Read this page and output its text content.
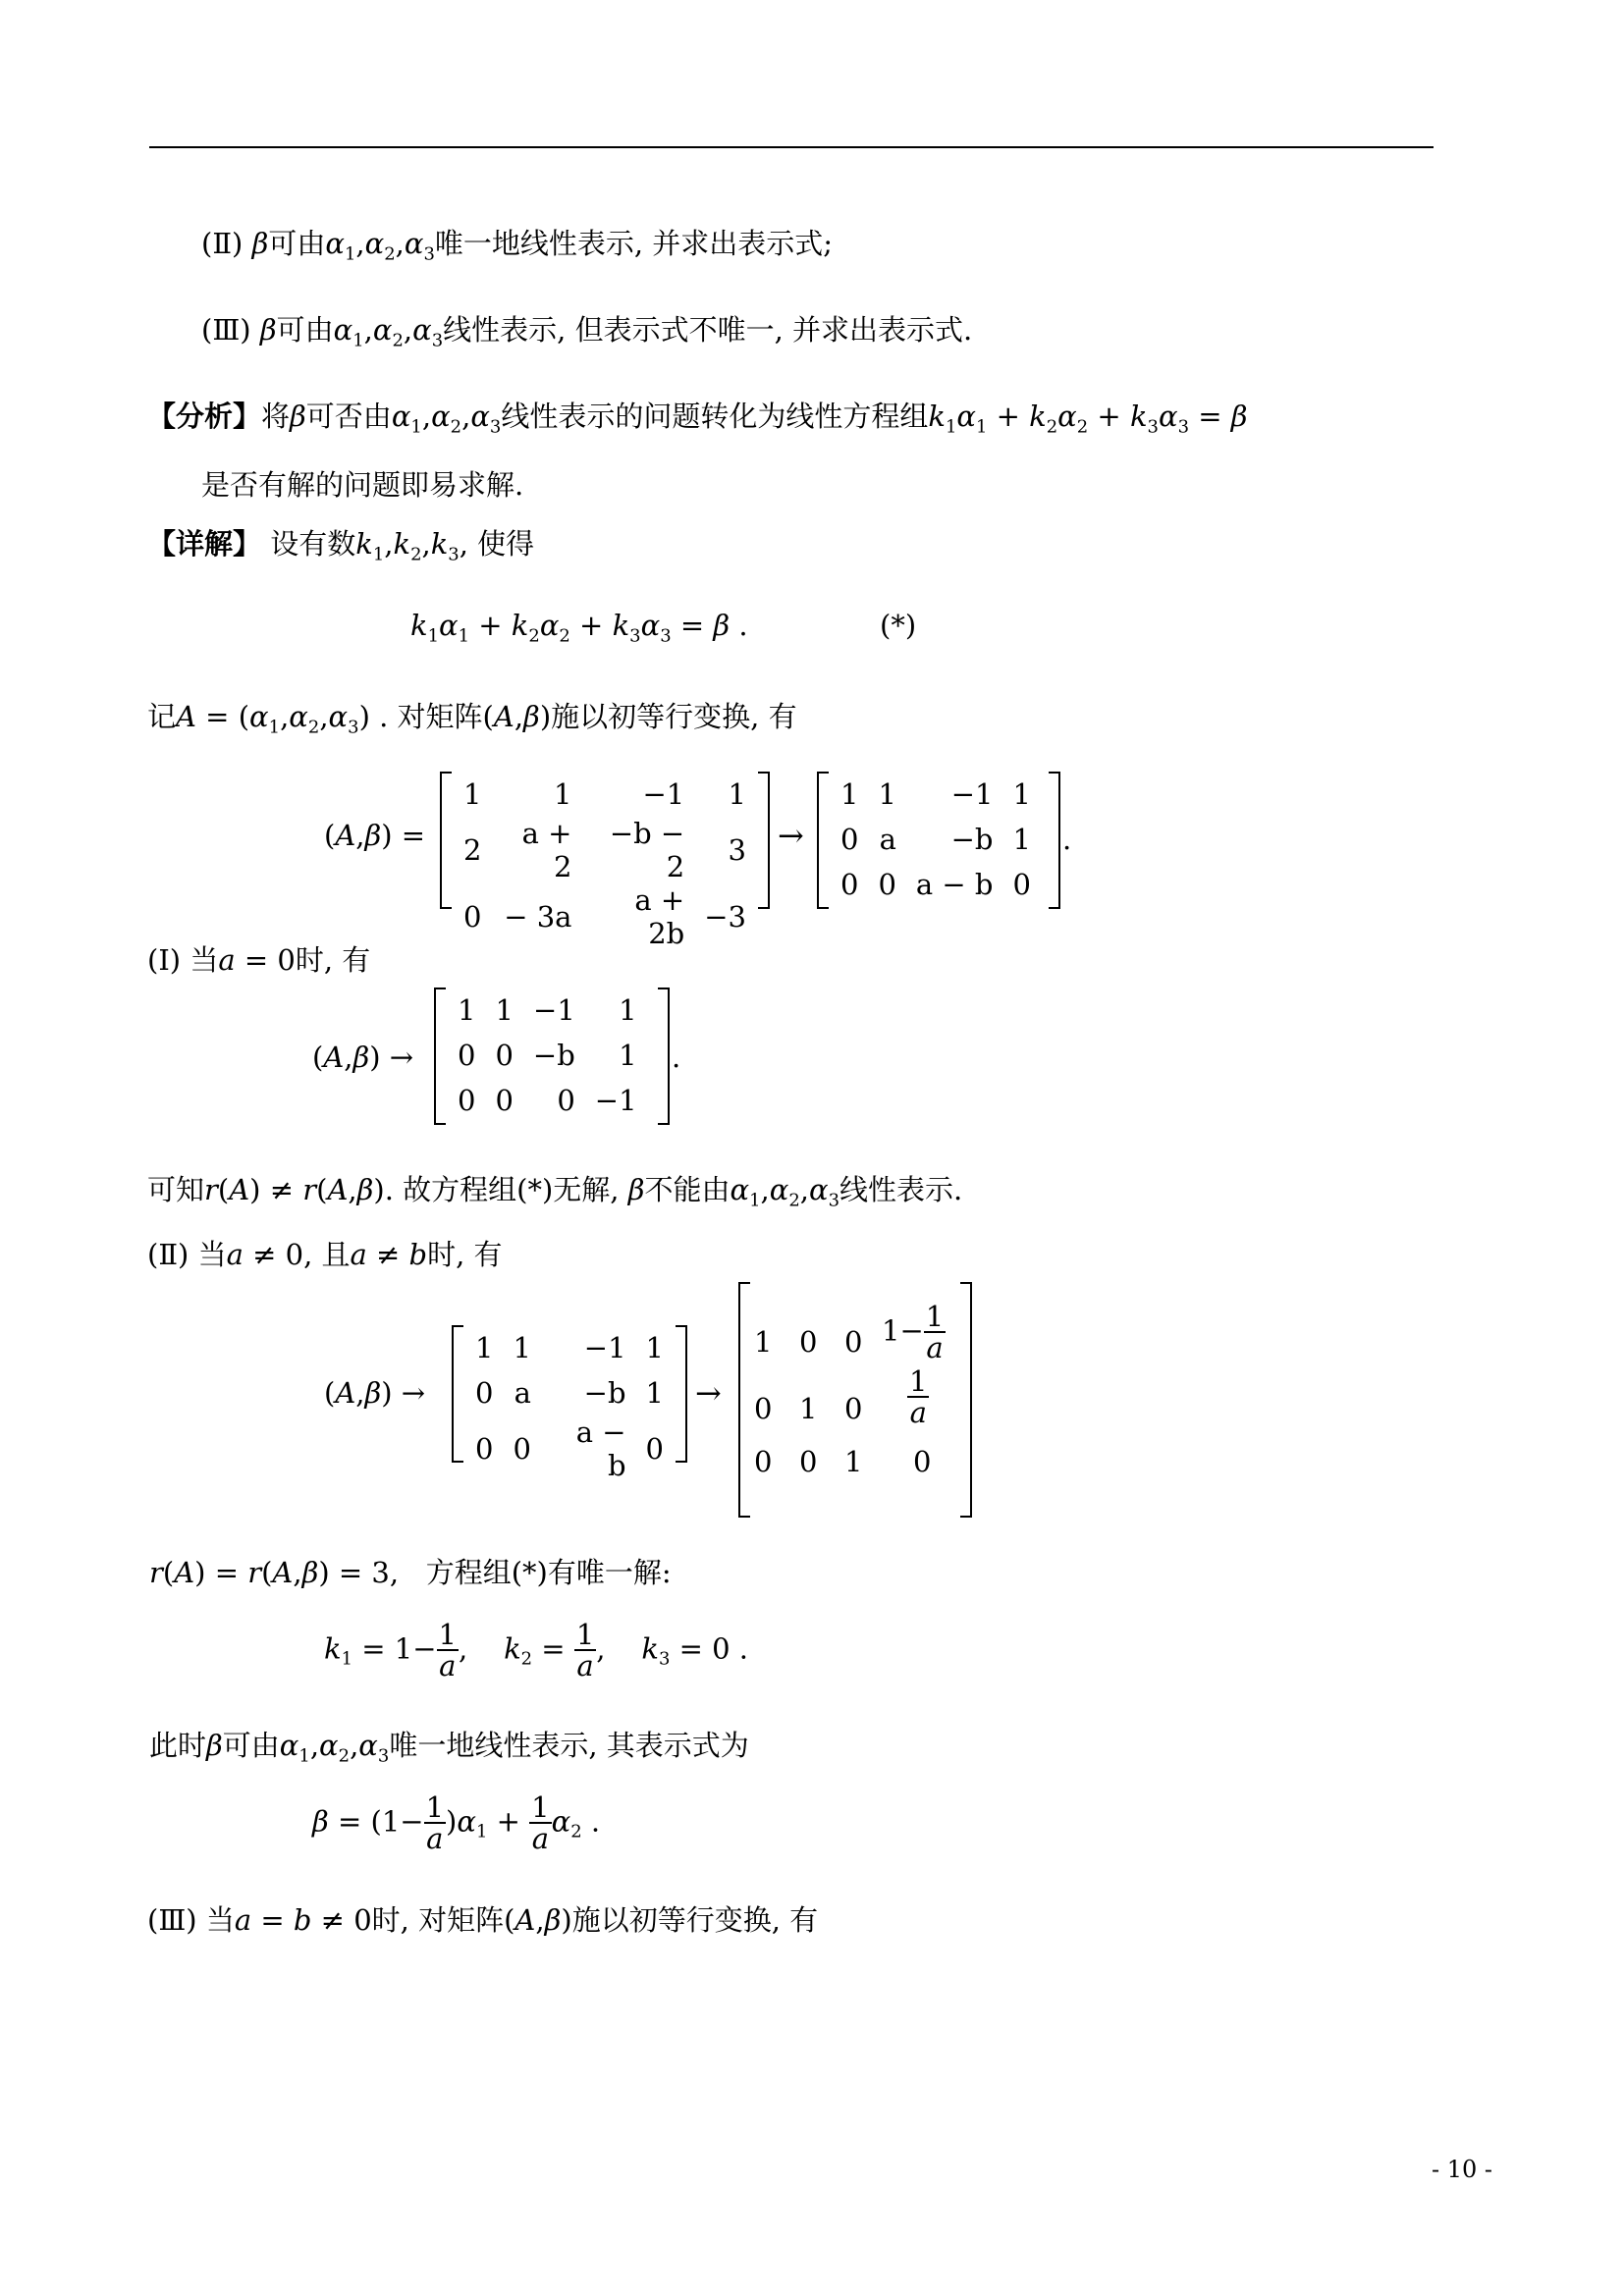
(Ⅱ) β可由$\alpha_1,\alpha_2,\alpha_3$唯一地线性表示, 并求出表示式;
(Ⅲ) β可由$\alpha_1,\alpha_2,\alpha_3$线性表示, 但表示式不唯一, 并求出表示式.
【分析】将β可否由$\alpha_1,\alpha_2,\alpha_3$线性表示的问题转化为线性方程组$k_1\alpha_1 + k_2\alpha_2 + k_3\alpha_3 = \beta$
是否有解的问题即易求解.
【详解】 设有数$k_1,k_2,k_3$, 使得
$k_1\alpha_1 + k_2\alpha_2 + k_3\alpha_3 = \beta$ .	(*)
记$A = (\alpha_1,\alpha_2,\alpha_3)$ . 对矩阵(A,β)施以初等行变换, 有
(A,β) =
1	1	−1	1
2	a + 2	−b − 2	3
0	− 3a	a + 2b	−3
→
1	1	−1	1
0	a	−b	1
0	0	a − b	0
.
(Ⅰ) 当a = 0时, 有
(A,β) →
1	1	−1	1
0	0	−b	1
0	0	0	−1
.
可知r(A) ≠ r(A,β). 故方程组(*)无解, β不能由$\alpha_1,\alpha_2,\alpha_3$线性表示.
(Ⅱ) 当a ≠ 0, 且a ≠ b时, 有
(A,β) →
1	1	−1	1
0	a	−b	1
0	0	a − b	0
→
1 0 0 $1- \frac{1}{a}$
0 1 $0 \frac{1}{a}$
0 0 1 0
r(A) = r(A,β) = 3,   方程组(*)有唯一解:
$k_1 = 1- \frac{1}{a}$ ,    $k_2 = \frac{1}{a}$ ,    $k_3 = 0$ .
此时β可由$\alpha_1,\alpha_2,\alpha_3$唯一地线性表示, 其表示式为
$\beta = (1- \frac{1}{a} )\alpha_1 + \frac{1}{a} \alpha_2$ .
(Ⅲ) 当a = b ≠ 0时, 对矩阵(A,β)施以初等行变换, 有
- 10 -
